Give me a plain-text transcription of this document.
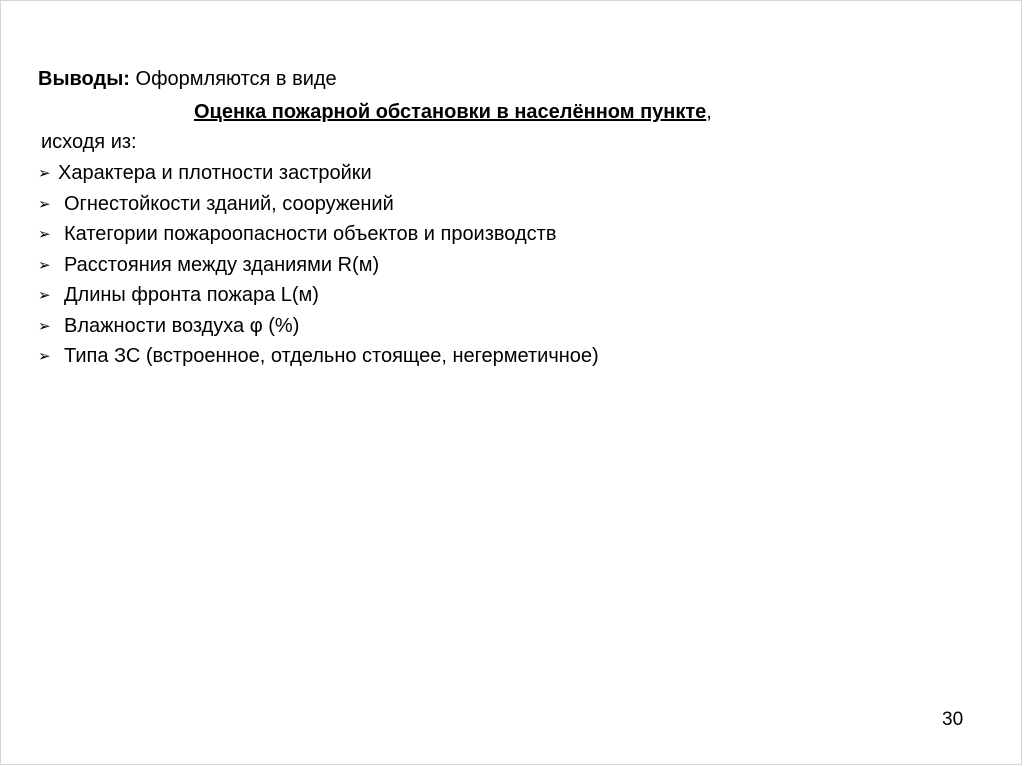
Выводы: Оформляются в виде
Оценка пожарной обстановки в населённом пункте,
исходя из:
➢ Характера и плотности застройки
➢ Огнестойкости зданий, сооружений
➢ Категории пожароопасности объектов и производств
➢ Расстояния между зданиями R(м)
➢ Длины фронта пожара L(м)
➢ Влажности воздуха φ (%)
➢ Типа ЗС (встроенное, отдельно стоящее, негерметичное)
30
